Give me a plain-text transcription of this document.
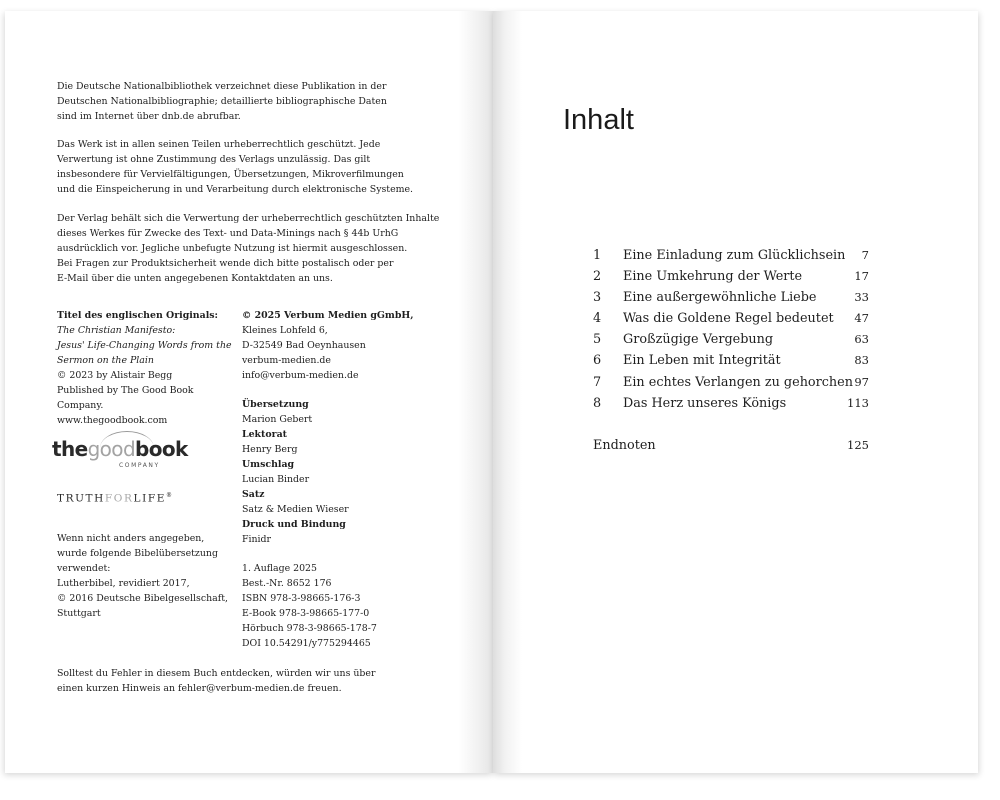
Die Deutsche Nationalbibliothek verzeichnet diese Publikation in der
Deutschen Nationalbibliographie; detaillierte bibliographische Daten
sind im Internet über dnb.de abrufbar.
Das Werk ist in allen seinen Teilen urheberrechtlich geschützt. Jede
Verwertung ist ohne Zustimmung des Verlags unzulässig. Das gilt
insbesondere für Vervielfältigungen, Übersetzungen, Mikroverfilmungen
und die Einspeicherung in und Verarbeitung durch elektronische Systeme.
Der Verlag behält sich die Verwertung der urheberrechtlich geschützten Inhalte
dieses Werkes für Zwecke des Text- und Data-Minings nach § 44b UrhG
ausdrücklich vor. Jegliche unbefugte Nutzung ist hiermit ausgeschlossen.
Bei Fragen zur Produktsicherheit wende dich bitte postalisch oder per
E-Mail über die unten angegebenen Kontaktdaten an uns.
Titel des englischen Originals:
The Christian Manifesto:
Jesus' Life-Changing Words from the
Sermon on the Plain
© 2023 by Alistair Begg
Published by The Good Book
Company.
www.thegoodbook.com
thegoodbook
COMPANY
TRUTHFORLIFE®
Wenn nicht anders angegeben,
wurde folgende Bibelübersetzung
verwendet:
Lutherbibel, revidiert 2017,
© 2016 Deutsche Bibelgesellschaft,
Stuttgart
© 2025 Verbum Medien gGmbH,
Kleines Lohfeld 6,
D-32549 Bad Oeynhausen
verbum-medien.de
info@verbum-medien.de
Übersetzung
Marion Gebert
Lektorat
Henry Berg
Umschlag
Lucian Binder
Satz
Satz & Medien Wieser
Druck und Bindung
Finidr
1. Auflage 2025
Best.-Nr. 8652 176
ISBN 978-3-98665-176-3
E-Book 978-3-98665-177-0
Hörbuch 978-3-98665-178-7
DOI 10.54291/y775294465
Solltest du Fehler in diesem Buch entdecken, würden wir uns über
einen kurzen Hinweis an fehler@verbum-medien.de freuen.
Inhalt
1 Eine Einladung zum Glücklichsein 7
2 Eine Umkehrung der Werte	17
3 Eine außergewöhnliche Liebe	33
4 Was die Goldene Regel bedeutet 47
5 Großzügige Vergebung	63
6 Ein Leben mit Integrität	83
7 Ein echtes Verlangen zu gehorchen 97
8 Das Herz unseres Königs	113
Endnoten	125
